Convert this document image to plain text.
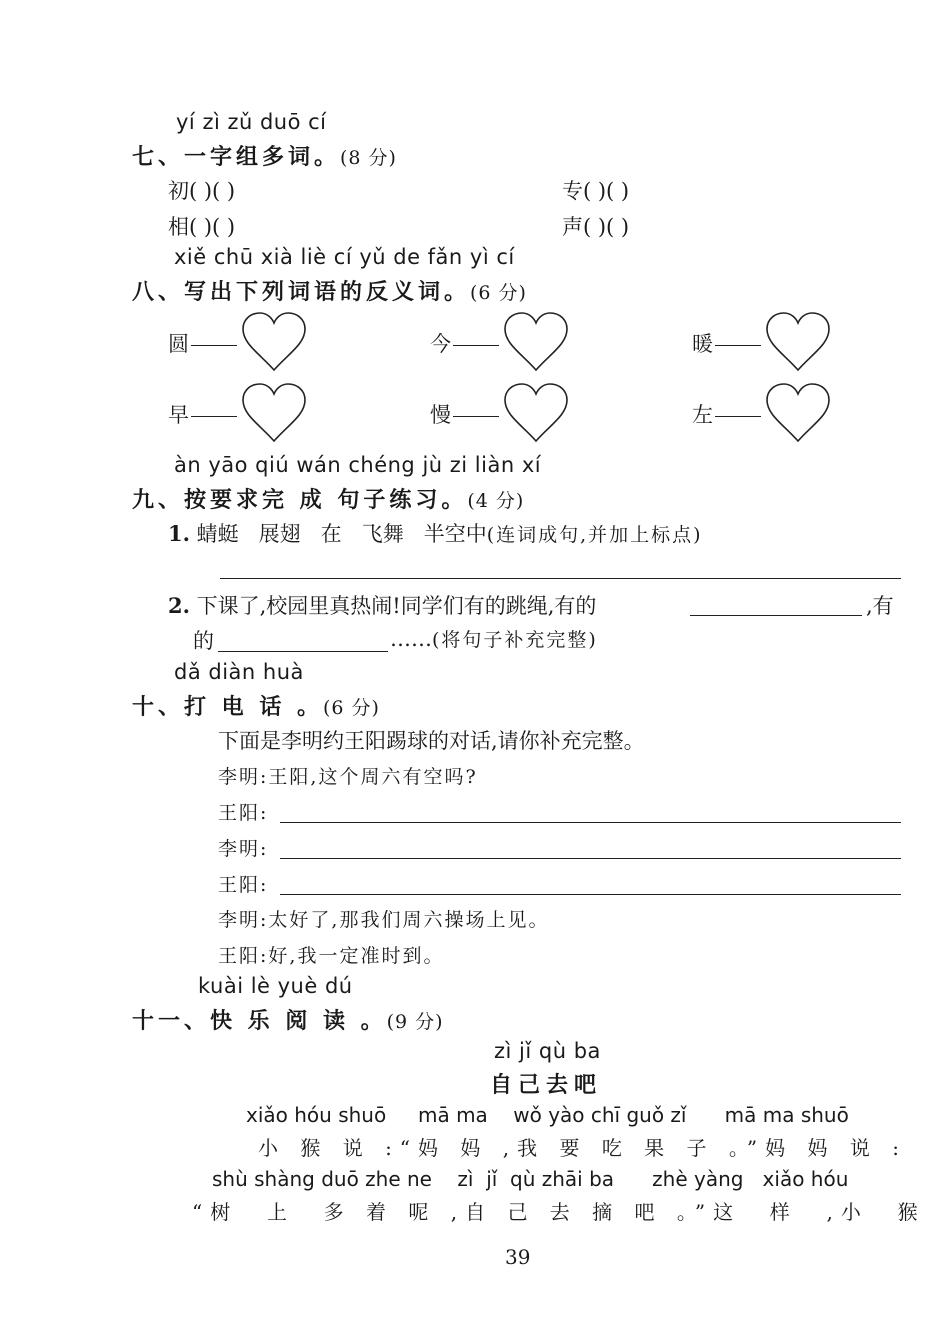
yí zì zǔ duō cí
七、一字组多词。(8 分)
初( )( )	专( )( )
相( )( )	声( )( )
xiě chū xià liè cí yǔ de fǎn yì cí
八、写出下列词语的反义词。(6 分)
圆	今	暖
早	慢	左
àn yāo qiú wán chéng jù zi liàn xí
九、按要求完 成 句子练习。(4 分)
1. 蜻蜓   展翅   在   飞舞   半空中(连词成句,并加上标点)
2. 下课了,校园里真热闹!同学们有的跳绳,有的	,有
的	……(将句子补充完整)
dǎ diàn huà
十、打 电 话 。(6 分)
下面是李明约王阳踢球的对话,请你补充完整。
李明:王阳,这个周六有空吗?
王阳:
李明:
王阳:
李明:太好了,那我们周六操场上见。
王阳:好,我一定准时到。
kuài lè yuè dú
十一、快 乐 阅 读 。(9 分)
zì jǐ qù ba
自己去吧
xiǎo hóu shuō     mā ma    wǒ yào chī guǒ zǐ      mā ma shuō
小 猴 说 :“妈 妈 ,我 要 吃 果 子 。”妈 妈 说 :
shù shàng duō zhe ne    zì  jǐ  qù zhāi ba      zhè yàng   xiǎo hóu
“树  上  多 着 呢 ,自 己 去 摘 吧 。”这  样  ,小  猴
39
